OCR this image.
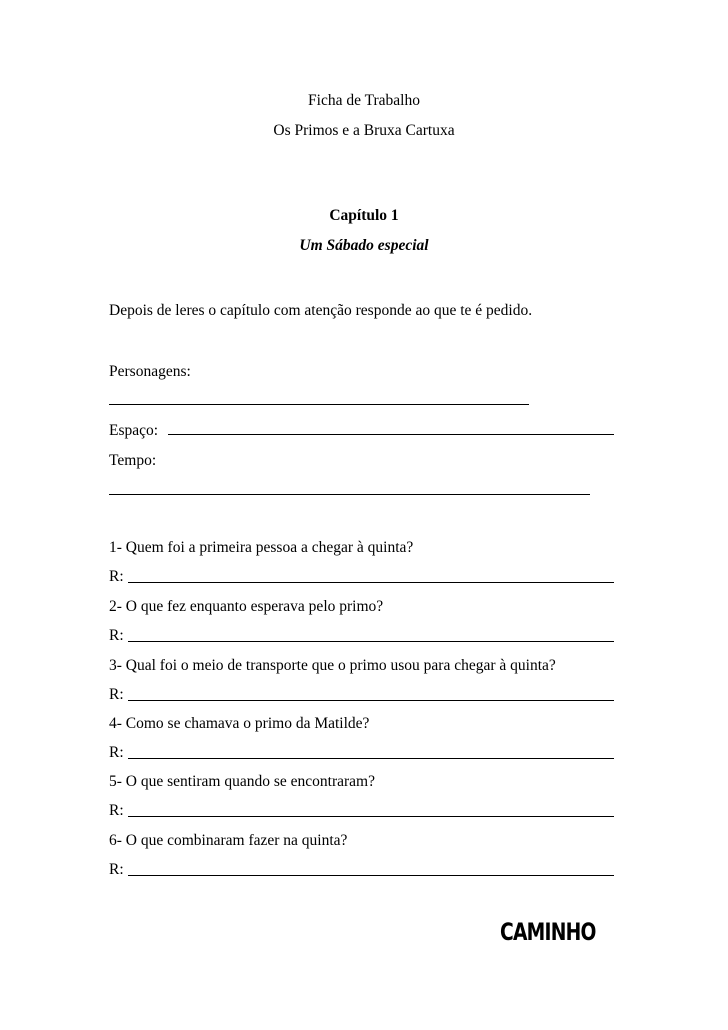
Ficha de Trabalho
Os Primos e a Bruxa Cartuxa
Capítulo 1
Um Sábado especial
Depois de leres o capítulo com atenção responde ao que te é pedido.
Personagens:
Espaço:
Tempo:
1- Quem foi a primeira pessoa a chegar à quinta?
R:
2- O que fez enquanto esperava pelo primo?
R:
3- Qual foi o meio de transporte que o primo usou para chegar à quinta?
R:
4- Como se chamava o primo da Matilde?
R:
5- O que sentiram quando se encontraram?
R:
6- O que combinaram fazer na quinta?
R:
CAMINHO
